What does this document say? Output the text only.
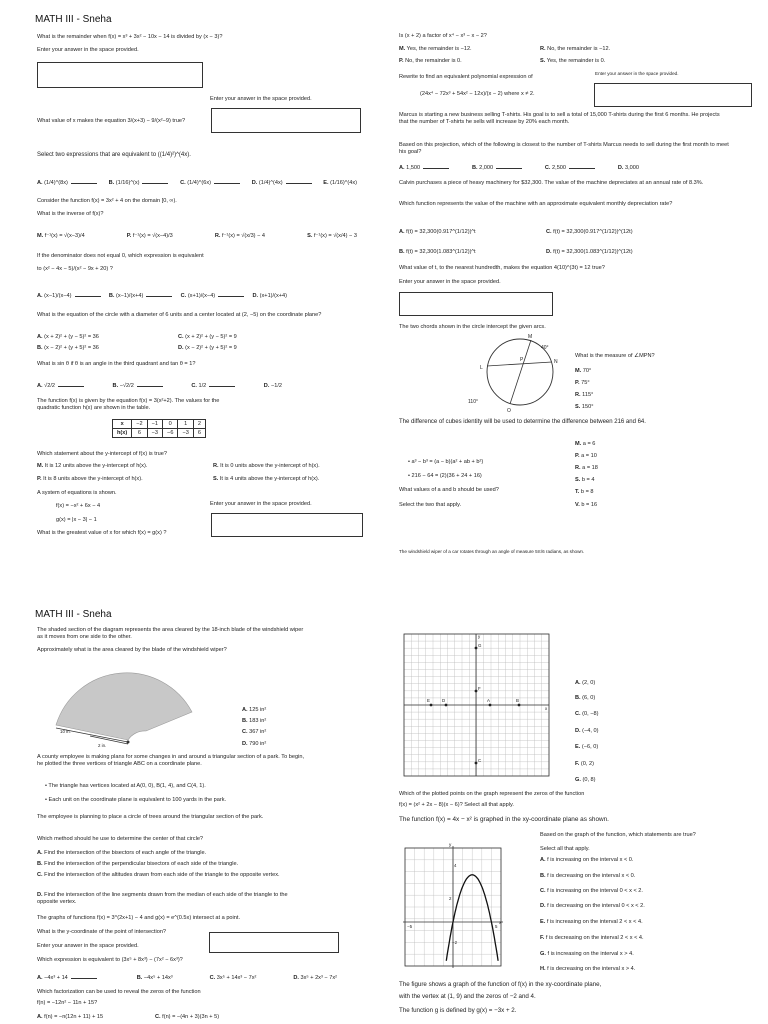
MATH III - Sneha
What is the remainder when f(x) = x³ + 3x² − 10x − 14 is divided by (x − 3)?
Enter your answer in the space provided.
Enter your answer in the space provided.
What value of x makes the equation 3/(x+3) − 9/(x²−9) true?
Select two expressions that are equivalent to ((1/4)²)^(4x).
A. (1/4)^(8x)	B. (1/16)^(x)	C. (1/4)^(6x)	D. (1/4)^(4x)	E. (1/16)^(4x)
Consider the function f(x) = 3x² + 4 on the domain [0, ∞).
What is the inverse of f(x)?
M. f⁻¹(x) = √(x−3)/4	P. f⁻¹(x) = √(x−4)/3	R. f⁻¹(x) = √(x/3) − 4	S. f⁻¹(x) = √(x/4) − 3
If the denominator does not equal 0, which expression is equivalent
to (x² − 4x − 5)/(x² − 9x + 20) ?
A. (x−1)/(x−4)	B. (x−1)/(x+4)	C. (x+1)/(x−4)	D. (x+1)/(x+4)
What is the equation of the circle with a diameter of 6 units and a center located at (2, −5) on the coordinate plane?
A. (x + 2)² + (y − 5)² = 36	C. (x + 2)² + (y − 5)² = 9
B. (x − 2)² + (y + 5)² = 36	D. (x − 2)² + (y + 5)² = 9
What is sin θ if θ is an angle in the third quadrant and tan θ = 1?
A. √2/2	B. −√2/2	C. 1/2	D. −1/2
The function f(x) is given by the equation f(x) = 3(x²+2). The values for the
quadratic function h(x) are shown in the table.
x	−2	−1	0	1	2
h(x)	6	−3	−6	−3	6
Which statement about the y-intercept of f(x) is true?
M. It is 12 units above the y-intercept of h(x).	R. It is 0 units above the y-intercept of h(x).
P. It is 8 units above the y-intercept of h(x).	S. It is 4 units above the y-intercept of h(x).
A system of equations is shown.
f(x) = −x² + 6x − 4
g(x) = |x − 3| − 1
What is the greatest value of x for which f(x) = g(x) ?
Enter your answer in the space provided.
Is (x + 2) a factor of x⁴ − x³ − x − 2?
M. Yes, the remainder is −12.	R. No, the remainder is −12.
P. No, the remainder is 0.	S. Yes, the remainder is 0.
Rewrite to find an equivalent polynomial expression of
Enter your answer in the space provided.
(24x⁴ − 72x³ + 54x² − 12x)/(x − 2) where x ≠ 2.
Marcus is starting a new business selling T-shirts. His goal is to sell a total of 15,000 T-shirts during the first 6 months. He projects that the number of T-shirts he sells will increase by 20% each month.
Based on this projection, which of the following is closest to the number of T-shirts Marcus needs to sell during the first month to meet his goal?
A. 1,500	B. 2,000	C. 2,500	D. 3,000
Calvin purchases a piece of heavy machinery for $32,300. The value of the machine depreciates at an annual rate of 8.3%.
Which function represents the value of the machine with an approximate equivalent monthly depreciation rate?
A. f(t) = 32,300(0.917^(1/12))^t	C. f(t) = 32,300(0.917^(1/12))^(12t)
B. f(t) = 32,300(1.083^(1/12))^t	D. f(t) = 32,300(1.083^(1/12))^(12t)
What value of t, to the nearest hundredth, makes the equation 4(10)^(3t) = 12 true?
Enter your answer in the space provided.
The two chords shown in the circle intercept the given arcs.
M
P
L
N
O
40°
110°
What is the measure of ∠MPN?
M. 70°
P. 75°
R. 115°
S. 150°
The difference of cubes identity will be used to determine the difference between 216 and 64.
• a³ − b³ = (a − b)(a² + ab + b²)
• 216 − 64 = (2)(36 + 24 + 16)
What values of a and b should be used?
Select the two that apply.
M. a = 6
P. a = 10
R. a = 18
S. b = 4
T. b = 8
V. b = 16
The windshield wiper of a car rotates through an angle of measure 5π/6 radians, as shown.
MATH III - Sneha
The shaded section of the diagram represents the area cleared by the 18-inch blade of the windshield wiper as it moves from one side to the other.
Approximately what is the area cleared by the blade of the windshield wiper?
10 in.
2 in.
A. 125 in²
B. 183 in²
C. 367 in²
D. 790 in²
A county employee is making plans for some changes in and around a triangular section of a park. To begin, he plotted the three vertices of triangle ABC on a coordinate plane.
• The triangle has vertices located at A(0, 0), B(1, 4), and C(4, 1).
• Each unit on the coordinate plane is equivalent to 100 yards in the park.
The employee is planning to place a circle of trees around the triangular section of the park.
Which method should he use to determine the center of that circle?
A. Find the intersection of the bisectors of each angle of the triangle.
B. Find the intersection of the perpendicular bisectors of each side of the triangle.
C. Find the intersection of the altitudes drawn from each side of the triangle to the opposite vertex.
D. Find the intersection of the line segments drawn from the median of each side of the triangle to the opposite vertex.
The graphs of functions f(x) = 3^(2x+1) − 4 and g(x) = e^(0.5x) intersect at a point.
What is the y-coordinate of the point of intersection?
Enter your answer in the space provided.
Which expression is equivalent to (3x⁵ + 8x³) − (7x² − 6x³)?
A. −4x³ + 14	B. −4x⁵ + 14x³	C. 3x⁵ + 14x³ − 7x²	D. 3x⁵ + 2x³ − 7x²
Which factorization can be used to reveal the zeros of the function
f(n) = −12n² − 11n + 15?
A. f(n) = −n(12n + 11) + 15	C. f(n) = −(4n + 3)(3n + 5)
y
x
G
F
E	D	A	B
C
A. (2, 0)
B. (6, 0)
C. (0, −8)
D. (−4, 0)
E. (−6, 0)
F. (0, 2)
G. (0, 8)
Which of the plotted points on the graph represent the zeros of the function
f(x) = (x² + 2x − 8)(x − 6)? Select all that apply.
The function f(x) = 4x − x² is graphed in the xy-coordinate plane as shown.
Based on the graph of the function, which statements are true?
Select all that apply.
y
x
4
2
−2
−5	5
A. f is increasing on the interval x < 0.
B. f is decreasing on the interval x < 0.
C. f is increasing on the interval 0 < x < 2.
D. f is decreasing on the interval 0 < x < 2.
E. f is increasing on the interval 2 < x < 4.
F. f is decreasing on the interval 2 < x < 4.
G. f is increasing on the interval x > 4.
H. f is decreasing on the interval x > 4.
The figure shows a graph of the function of f(x) in the xy-coordinate plane,
with the vertex at (1, 9) and the zeros of −2 and 4.
The function g is defined by g(x) = −3x + 2.
